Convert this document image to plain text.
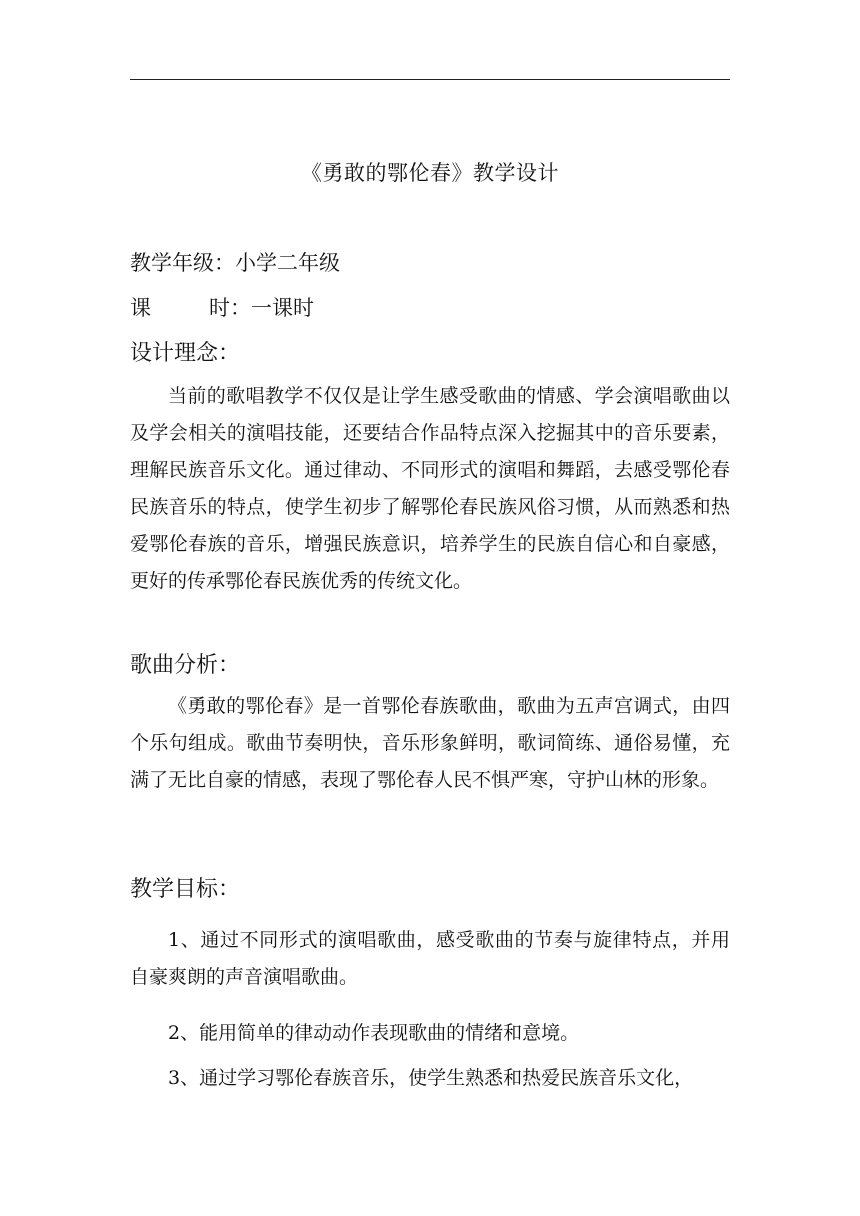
《勇敢的鄂伦春》教学设计
教学年级：小学二年级
课	时：一课时
设计理念：

当前的歌唱教学不仅仅是让学生感受歌曲的情感、学会演唱歌曲以及学会相关的演唱技能，还要结合作品特点深入挖掘其中的音乐要素，理解民族音乐文化。通过律动、不同形式的演唱和舞蹈，去感受鄂伦春民族音乐的特点，使学生初步了解鄂伦春民族风俗习惯，从而熟悉和热爱鄂伦春族的音乐，增强民族意识，培养学生的民族自信心和自豪感，更好的传承鄂伦春民族优秀的传统文化。

歌曲分析：

《勇敢的鄂伦春》是一首鄂伦春族歌曲，歌曲为五声宫调式，由四个乐句组成。歌曲节奏明快，音乐形象鲜明，歌词简练、通俗易懂，充满了无比自豪的情感，表现了鄂伦春人民不惧严寒，守护山林的形象。

教学目标：

1、通过不同形式的演唱歌曲，感受歌曲的节奏与旋律特点，并用自豪爽朗的声音演唱歌曲。

2、能用简单的律动动作表现歌曲的情绪和意境。

3、通过学习鄂伦春族音乐，使学生熟悉和热爱民族音乐文化，
